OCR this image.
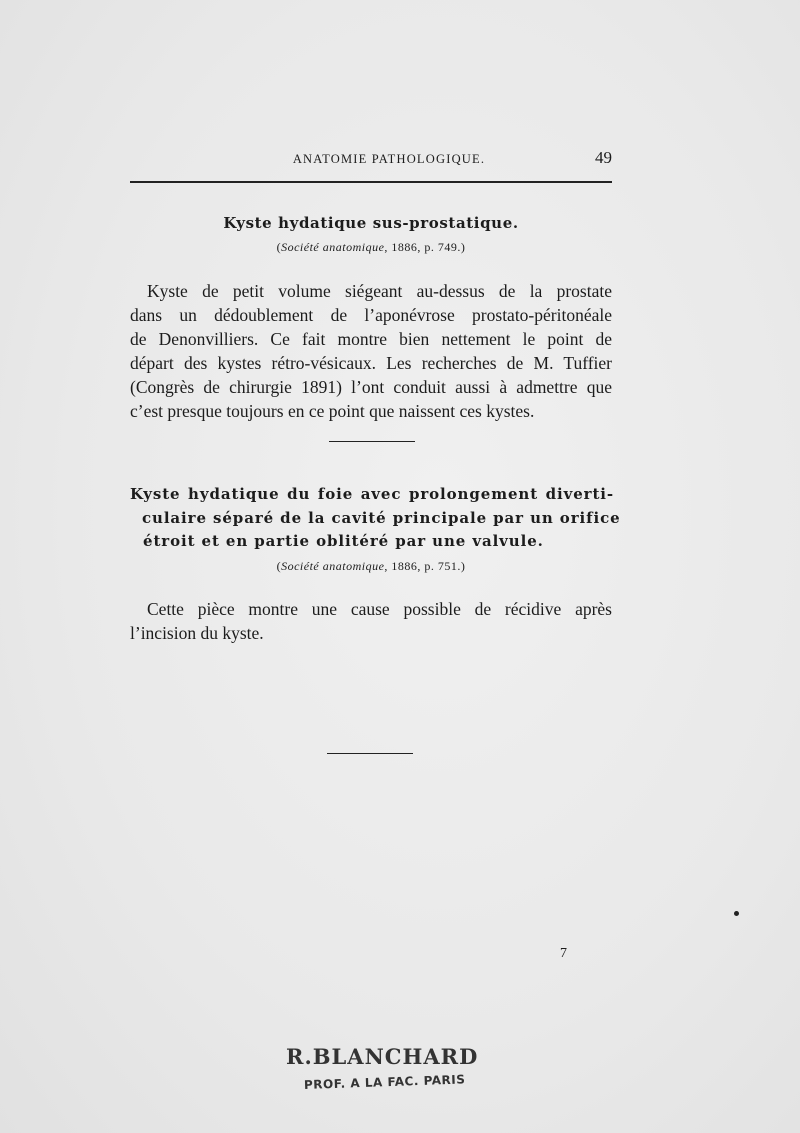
ANATOMIE PATHOLOGIQUE.	49
Kyste hydatique sus-prostatique.
(Société anatomique, 1886, p. 749.)
Kyste de petit volume siégeant au-dessus de la prostate
dans un dédoublement de l’aponévrose prostato-péritonéale
de Denonvilliers. Ce fait montre bien nettement le point de
départ des kystes rétro-vésicaux. Les recherches de M. Tuffier
(Congrès de chirurgie 1891) l’ont conduit aussi à admettre que
c’est presque toujours en ce point que naissent ces kystes.
Kyste hydatique du foie avec prolongement diverti-
culaire séparé de la cavité principale par un orifice
étroit et en partie oblitéré par une valvule.
(Société anatomique, 1886, p. 751.)
Cette pièce montre une cause possible de récidive après
l’incision du kyste.
7
R.BLANCHARD
PROF. A LA FAC. PARIS
